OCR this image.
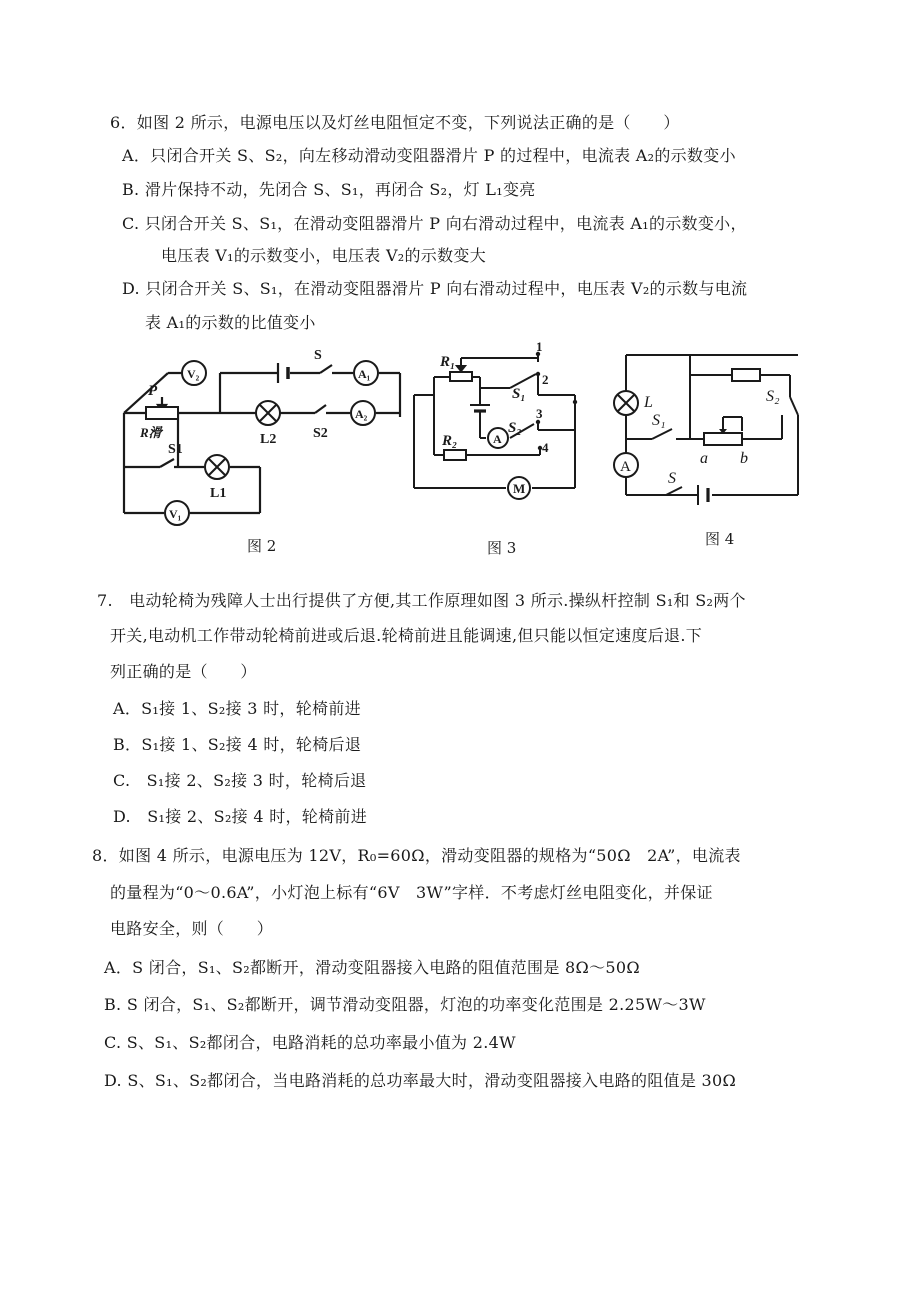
6．如图 2 所示，电源电压以及灯丝电阻恒定不变，下列说法正确的是（　　）
A．只闭合开关 S、S₂，向左移动滑动变阻器滑片 P 的过程中，电流表 A₂的示数变小
B. 滑片保持不动，先闭合 S、S₁，再闭合 S₂，灯 L₁变亮
C. 只闭合开关 S、S₁，在滑动变阻器滑片 P 向右滑动过程中，电流表 A₁的示数变小，
电压表 V₁的示数变小，电压表 V₂的示数变大
D. 只闭合开关 S、S₁，在滑动变阻器滑片 P 向右滑动过程中，电压表 V₂的示数与电流
表 A₁的示数的比值变小
V₂
S
A₁
P
R滑	L2	S2
A₂
S1
L1
V₁
图 2
R₁
1
S₁
2
3
S₂
A
4
R₂
M
图 3
L
S₁
S₂
a b
A
S
图 4
7.　电动轮椅为残障人士出行提供了方便,其工作原理如图 3 所示.操纵杆控制 S₁和 S₂两个
开关,电动机工作带动轮椅前进或后退.轮椅前进且能调速,但只能以恒定速度后退.下
列正确的是（　　）
A．S₁接 1、S₂接 3 时，轮椅前进
B．S₁接 1、S₂接 4 时，轮椅后退
C.　S₁接 2、S₂接 3 时，轮椅后退
D.　S₁接 2、S₂接 4 时，轮椅前进
8．如图 4 所示，电源电压为 12V，R₀=60Ω，滑动变阻器的规格为“50Ω　2A”，电流表
的量程为“0～0.6A”，小灯泡上标有“6V　3W”字样．不考虑灯丝电阻变化，并保证
电路安全，则（　　）
A．S 闭合，S₁、S₂都断开，滑动变阻器接入电路的阻值范围是 8Ω～50Ω
B. S 闭合，S₁、S₂都断开，调节滑动变阻器，灯泡的功率变化范围是 2.25W～3W
C. S、S₁、S₂都闭合，电路消耗的总功率最小值为 2.4W
D. S、S₁、S₂都闭合，当电路消耗的总功率最大时，滑动变阻器接入电路的阻值是 30Ω
